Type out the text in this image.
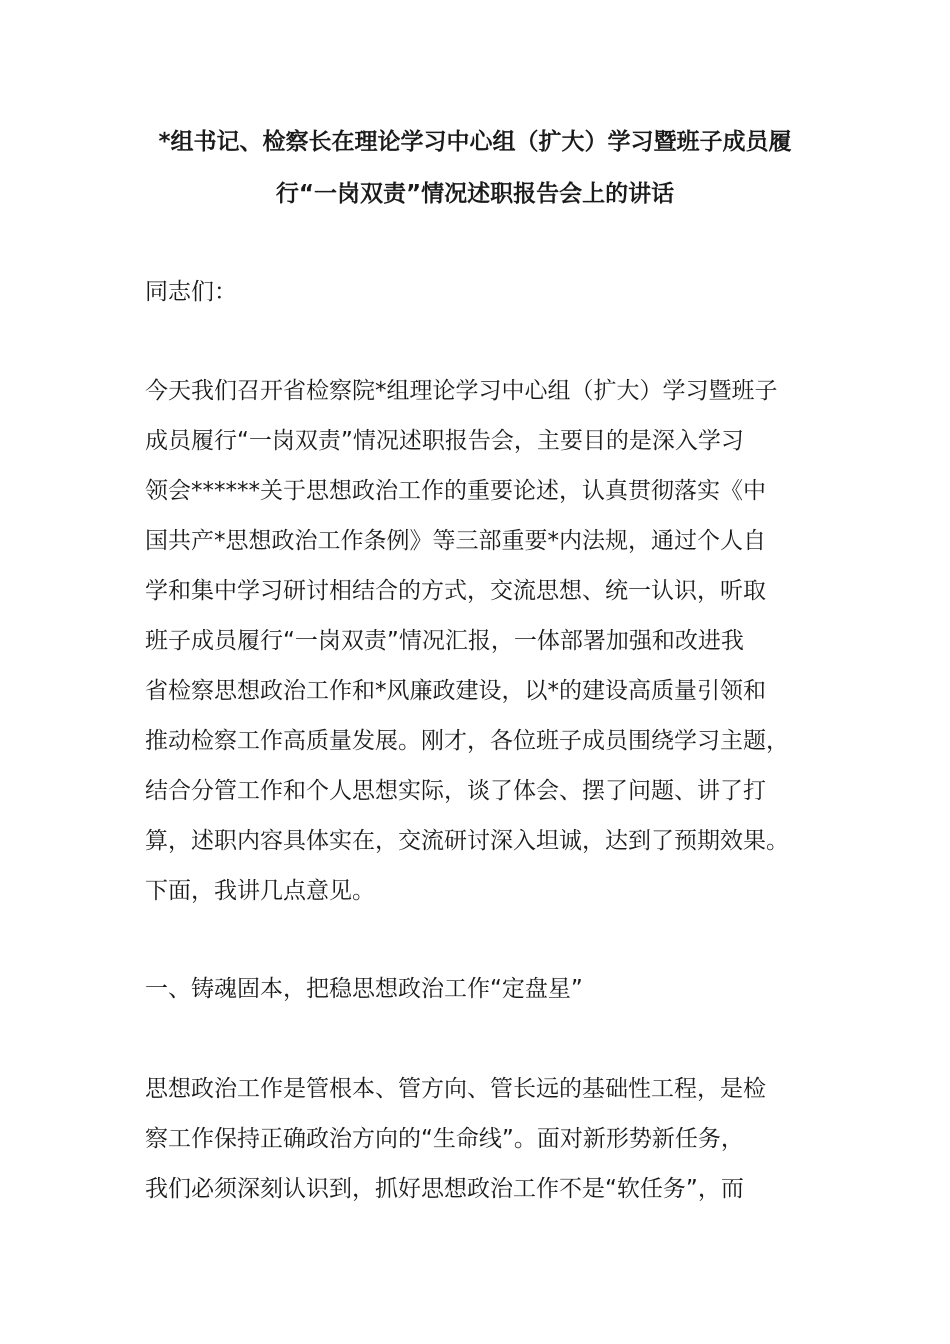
*组书记、检察长在理论学习中心组（扩大）学习暨班子成员履
行“一岗双责”情况述职报告会上的讲话

同志们：

今天我们召开省检察院*组理论学习中心组（扩大）学习暨班子

成员履行“一岗双责”情况述职报告会，主要目的是深入学习

领会******关于思想政治工作的重要论述，认真贯彻落实《中

国共产*思想政治工作条例》等三部重要*内法规，通过个人自

学和集中学习研讨相结合的方式，交流思想、统一认识，听取

班子成员履行“一岗双责”情况汇报，一体部署加强和改进我

省检察思想政治工作和*风廉政建设，以*的建设高质量引领和

推动检察工作高质量发展。刚才，各位班子成员围绕学习主题，

结合分管工作和个人思想实际，谈了体会、摆了问题、讲了打

算，述职内容具体实在，交流研讨深入坦诚，达到了预期效果。

下面，我讲几点意见。

一、铸魂固本，把稳思想政治工作“定盘星”

思想政治工作是管根本、管方向、管长远的基础性工程，是检

察工作保持正确政治方向的“生命线”。面对新形势新任务，

我们必须深刻认识到，抓好思想政治工作不是“软任务”，而
